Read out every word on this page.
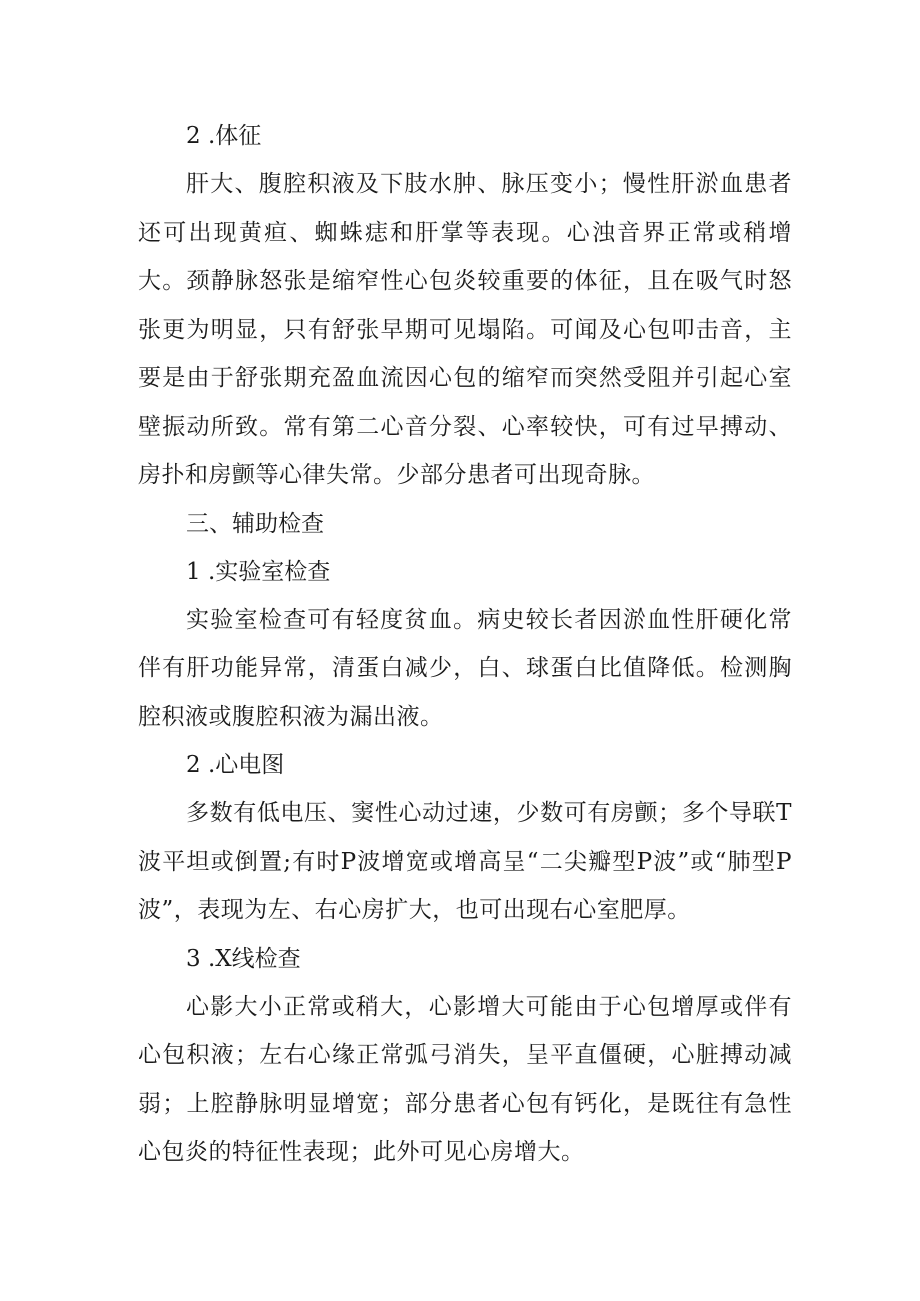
2 .体征

肝大、腹腔积液及下肢水肿、脉压变小；慢性肝淤血患者还可出现黄疸、蜘蛛痣和肝掌等表现。心浊音界正常或稍增大。颈静脉怒张是缩窄性心包炎较重要的体征，且在吸气时怒张更为明显，只有舒张早期可见塌陷。可闻及心包叩击音，主要是由于舒张期充盈血流因心包的缩窄而突然受阻并引起心室壁振动所致。常有第二心音分裂、心率较快，可有过早搏动、房扑和房颤等心律失常。少部分患者可出现奇脉。

三、辅助检查

1 .实验室检查

实验室检查可有轻度贫血。病史较长者因淤血性肝硬化常伴有肝功能异常，清蛋白减少，白、球蛋白比值降低。检测胸腔积液或腹腔积液为漏出液。

2 .心电图

多数有低电压、窦性心动过速，少数可有房颤；多个导联T波平坦或倒置;有时P波增宽或增高呈“二尖瓣型P波”或“肺型P波”，表现为左、右心房扩大，也可出现右心室肥厚。

3 .X线检查

心影大小正常或稍大，心影增大可能由于心包增厚或伴有心包积液；左右心缘正常弧弓消失，呈平直僵硬，心脏搏动减弱；上腔静脉明显增宽；部分患者心包有钙化，是既往有急性心包炎的特征性表现；此外可见心房增大。
